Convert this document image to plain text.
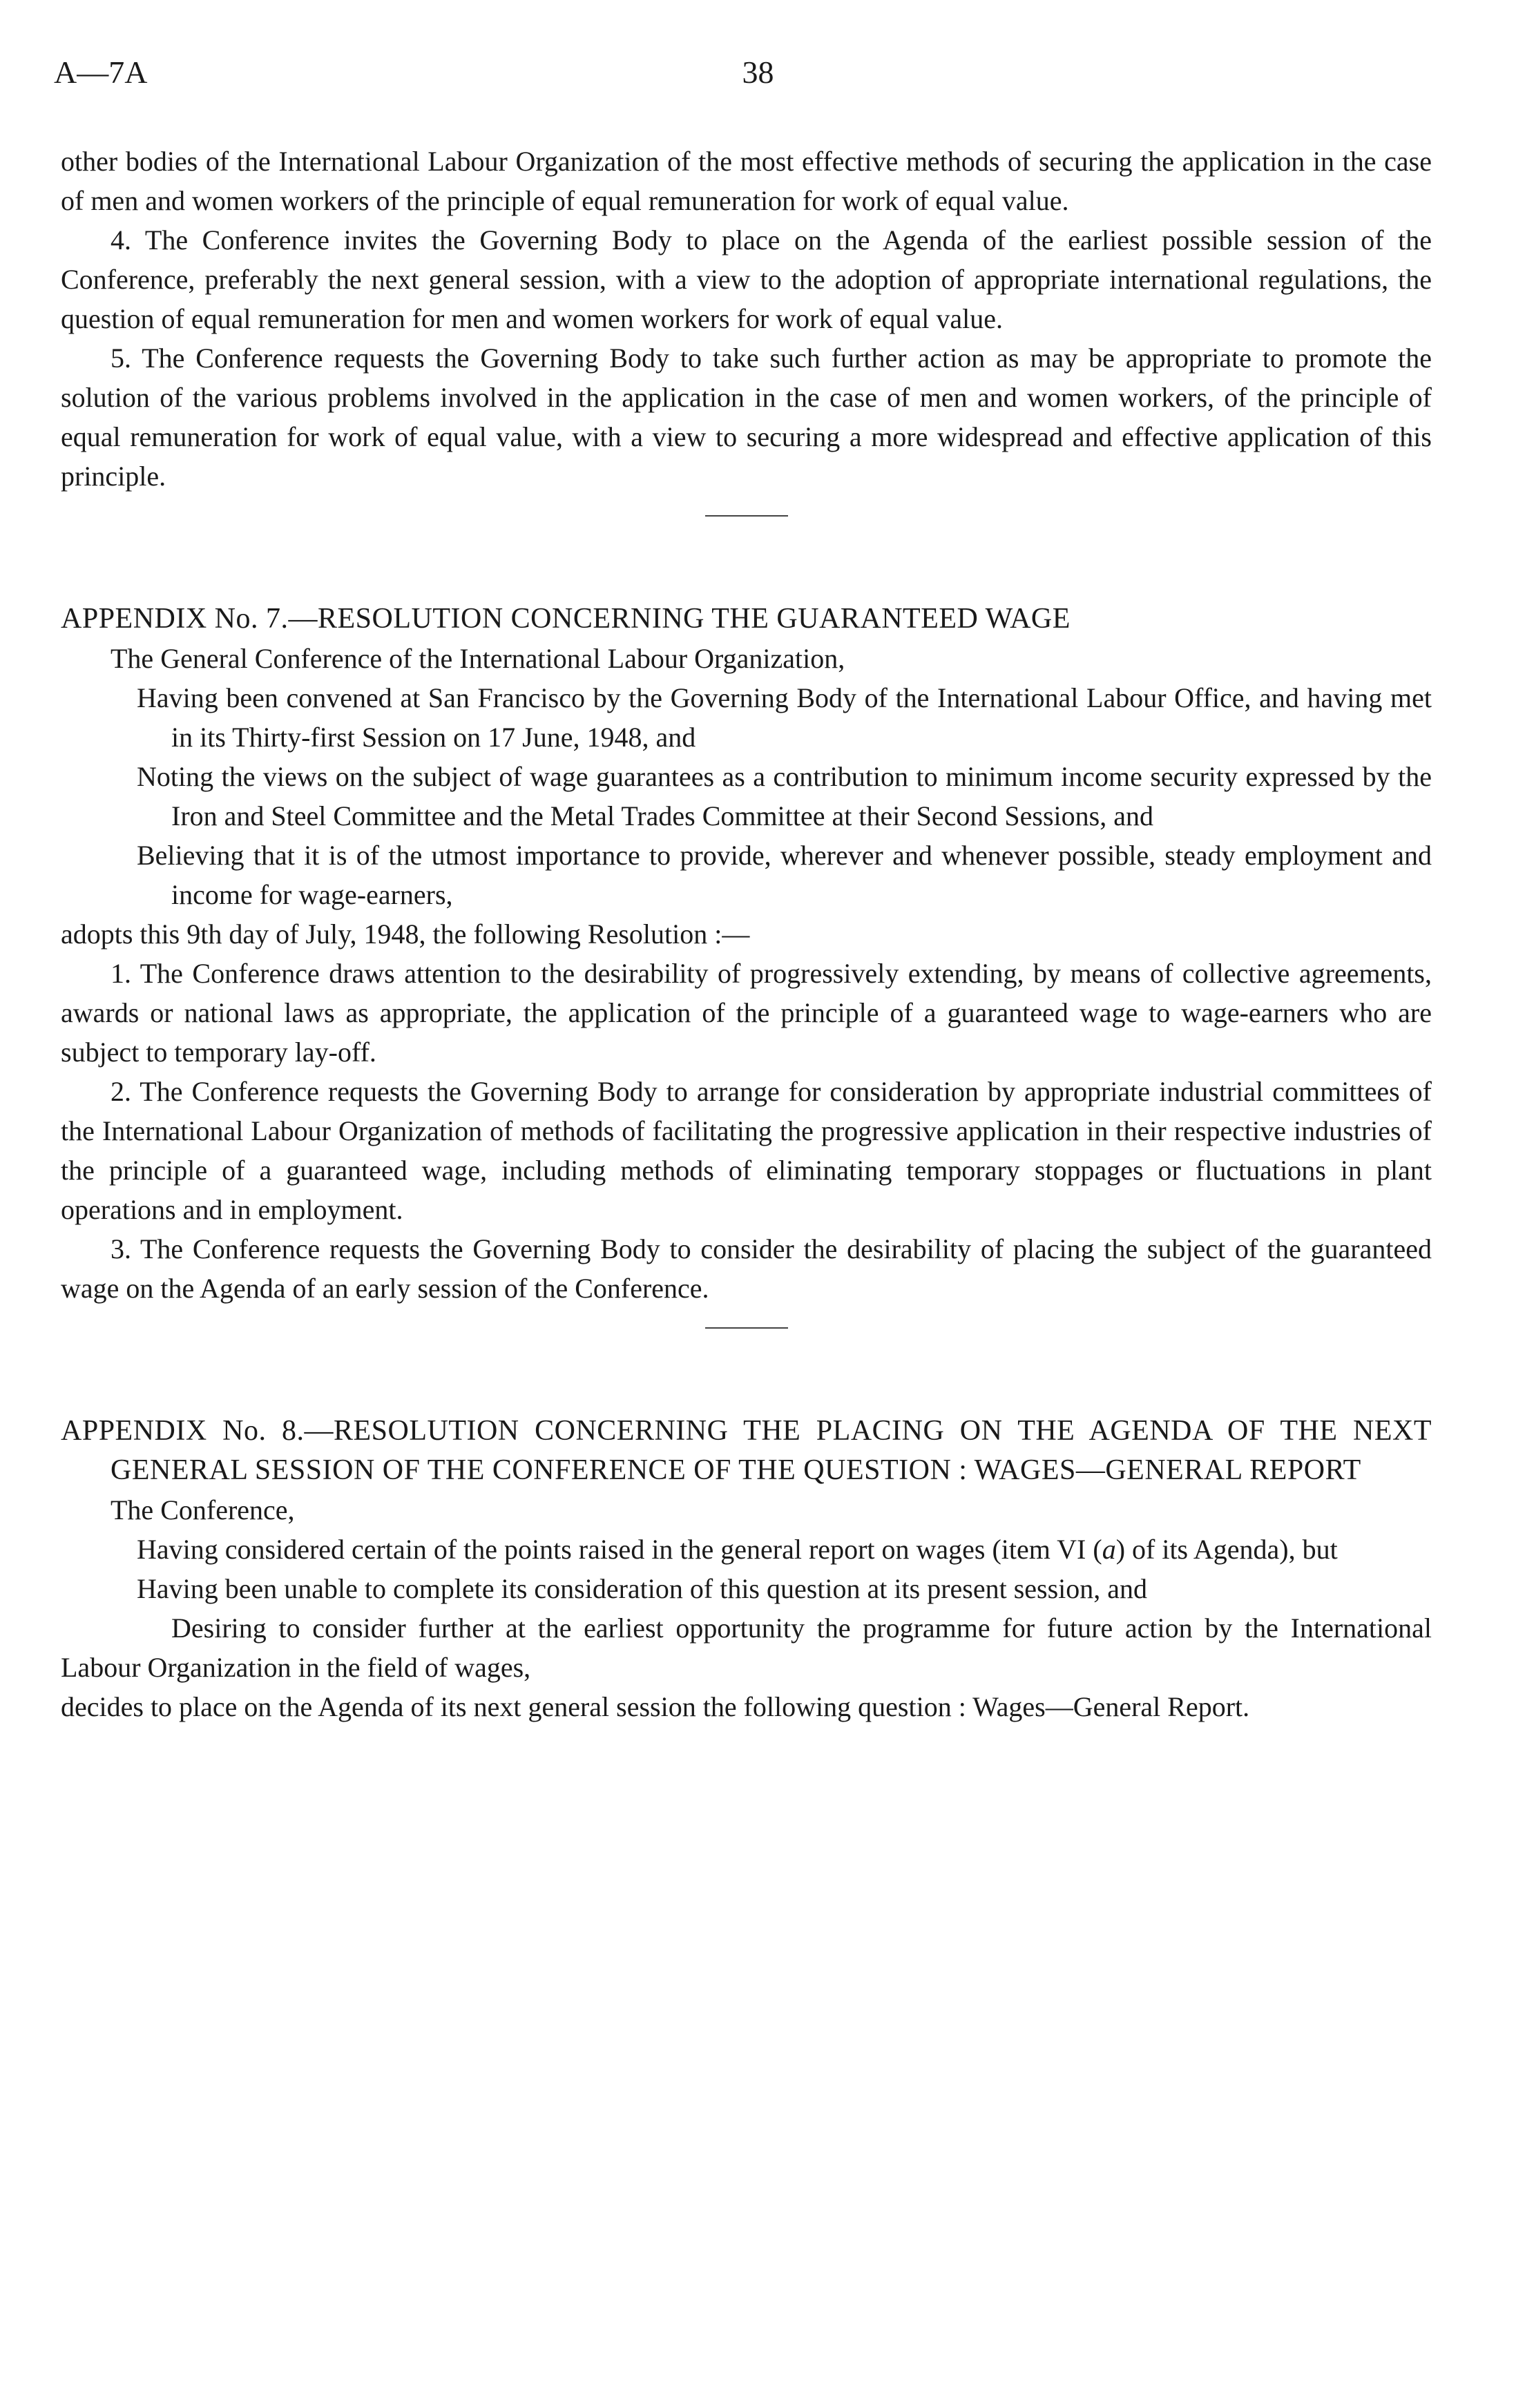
A—7A	38

other bodies of the International Labour Organization of the most effective methods of securing the application in the case of men and women workers of the principle of equal remuneration for work of equal value.

4. The Conference invites the Governing Body to place on the Agenda of the earliest possible session of the Conference, preferably the next general session, with a view to the adoption of appropriate international regulations, the question of equal remuneration for men and women workers for work of equal value.

5. The Conference requests the Governing Body to take such further action as may be appropriate to promote the solution of the various problems involved in the application in the case of men and women workers, of the principle of equal remuneration for work of equal value, with a view to securing a more widespread and effective application of this principle.

APPENDIX No. 7.—RESOLUTION CONCERNING THE GUARANTEED WAGE

The General Conference of the International Labour Organization,

Having been convened at San Francisco by the Governing Body of the International Labour Office, and having met in its Thirty-first Session on 17 June, 1948, and

Noting the views on the subject of wage guarantees as a contribution to minimum income security expressed by the Iron and Steel Committee and the Metal Trades Committee at their Second Sessions, and

Believing that it is of the utmost importance to provide, wherever and whenever possible, steady employment and income for wage-earners,

adopts this 9th day of July, 1948, the following Resolution :—

1. The Conference draws attention to the desirability of progressively extending, by means of collective agreements, awards or national laws as appropriate, the application of the principle of a guaranteed wage to wage-earners who are subject to temporary lay-off.

2. The Conference requests the Governing Body to arrange for consideration by appropriate industrial committees of the International Labour Organization of methods of facilitating the progressive application in their respective industries of the principle of a guaranteed wage, including methods of eliminating temporary stoppages or fluctuations in plant operations and in employment.

3. The Conference requests the Governing Body to consider the desirability of placing the subject of the guaranteed wage on the Agenda of an early session of the Conference.

APPENDIX No. 8.—RESOLUTION CONCERNING THE PLACING ON THE AGENDA OF THE NEXT GENERAL SESSION OF THE CONFERENCE OF THE QUESTION : WAGES—GENERAL REPORT

The Conference,

Having considered certain of the points raised in the general report on wages (item VI (a) of its Agenda), but

Having been unable to complete its consideration of this question at its present session, and

Desiring to consider further at the earliest opportunity the programme for future action by the International Labour Organization in the field of wages,

decides to place on the Agenda of its next general session the following question : Wages—General Report.
